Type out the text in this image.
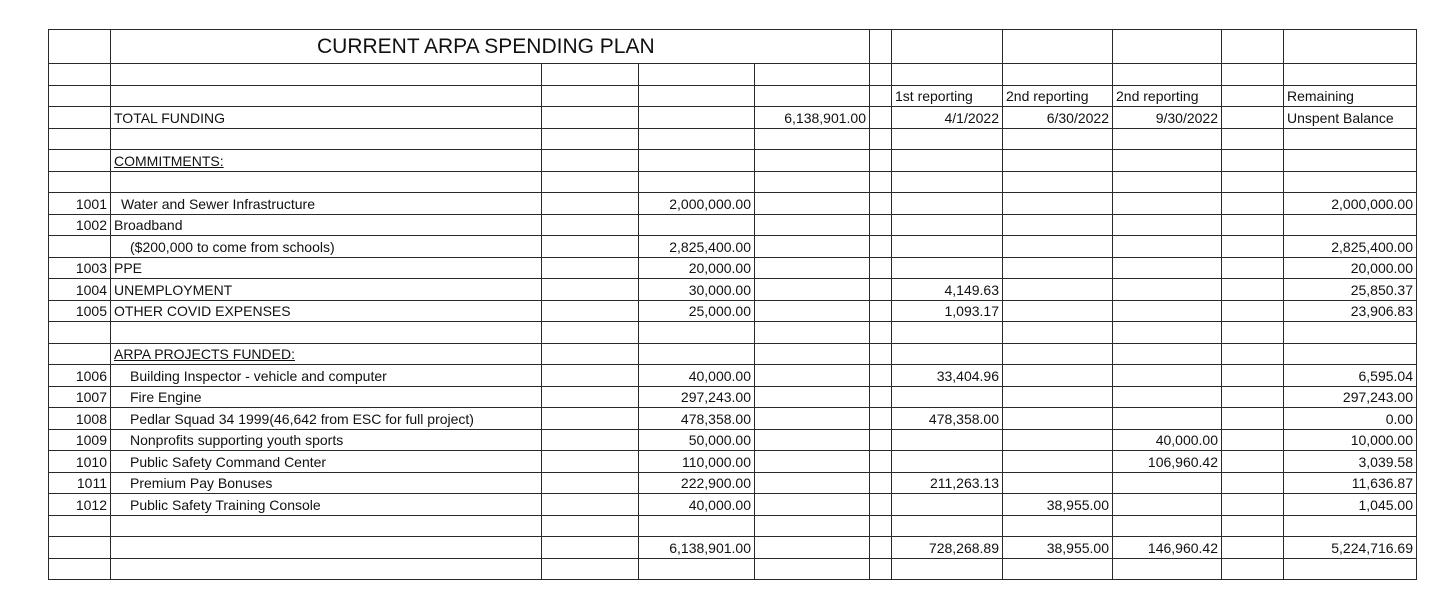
	CURRENT ARPA SPENDING PLAN									

						1st reporting	2nd reporting	2nd reporting		Remaining
	TOTAL FUNDING			6,138,901.00		4/1/2022	6/30/2022	9/30/2022		Unspent Balance

	COMMITMENTS:									

1001	Water and Sewer Infrastructure		2,000,000.00							2,000,000.00
1002	Broadband									
	($200,000 to come from schools)		2,825,400.00							2,825,400.00
1003	PPE		20,000.00							20,000.00
1004	UNEMPLOYMENT		30,000.00			4,149.63				25,850.37
1005	OTHER COVID EXPENSES		25,000.00			1,093.17				23,906.83

	ARPA PROJECTS FUNDED:									
1006	Building Inspector - vehicle and computer		40,000.00			33,404.96				6,595.04
1007	Fire Engine		297,243.00							297,243.00
1008	Pedlar Squad 34 1999(46,642 from ESC for full project)		478,358.00			478,358.00				0.00
1009	Nonprofits supporting youth sports		50,000.00					40,000.00		10,000.00
1010	Public Safety Command Center		110,000.00					106,960.42		3,039.58
1011	Premium Pay Bonuses		222,900.00			211,263.13				11,636.87
1012	Public Safety Training Console		40,000.00				38,955.00			1,045.00

			6,138,901.00			728,268.89	38,955.00	146,960.42		5,224,716.69
